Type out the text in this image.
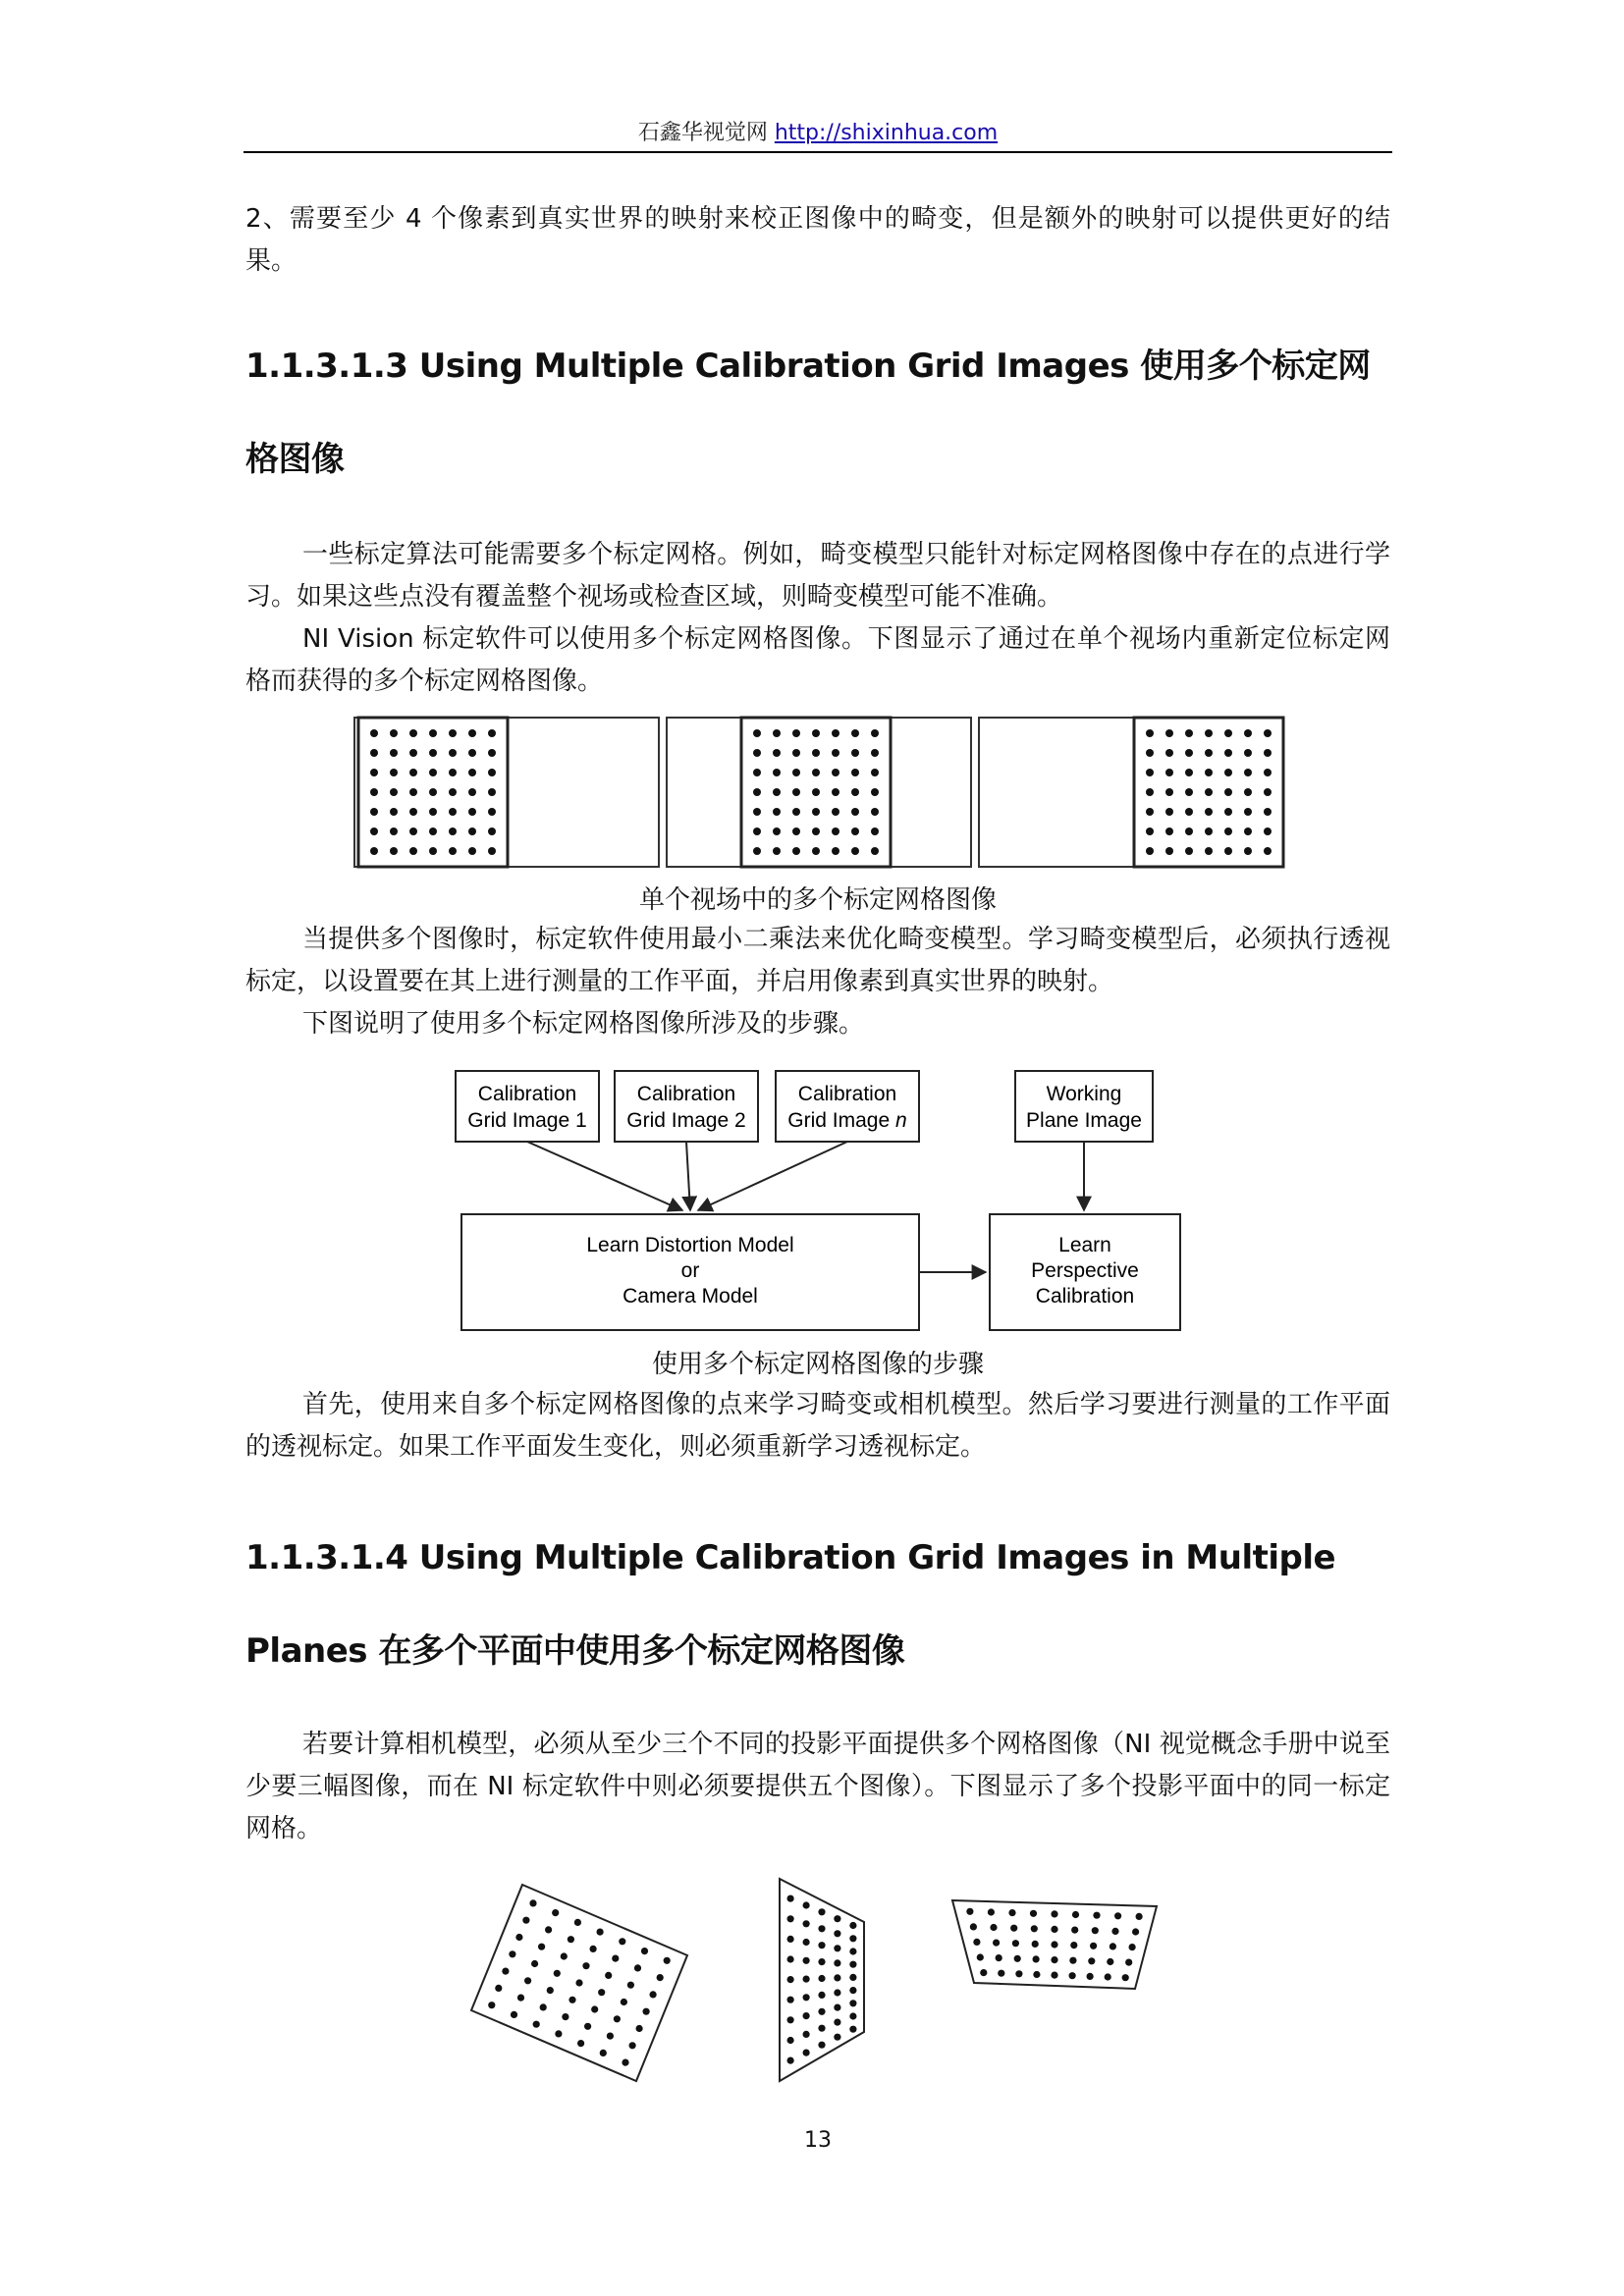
石鑫华视觉网 http://shixinhua.com
2、需要至少 4 个像素到真实世界的映射来校正图像中的畸变，但是额外的映射可以提供更好的结果。
1.1.3.1.3 Using Multiple Calibration Grid Images 使用多个标定网格图像
一些标定算法可能需要多个标定网格。例如，畸变模型只能针对标定网格图像中存在的点进行学习。如果这些点没有覆盖整个视场或检查区域，则畸变模型可能不准确。
NI Vision 标定软件可以使用多个标定网格图像。下图显示了通过在单个视场内重新定位标定网格而获得的多个标定网格图像。
单个视场中的多个标定网格图像
当提供多个图像时，标定软件使用最小二乘法来优化畸变模型。学习畸变模型后，必须执行透视标定，以设置要在其上进行测量的工作平面，并启用像素到真实世界的映射。
下图说明了使用多个标定网格图像所涉及的步骤。
Calibration
Grid Image 1
Calibration
Grid Image 2
Calibration
Grid Image n
Working
Plane Image
Learn Distortion Model
or
Camera Model
Learn
Perspective
Calibration
使用多个标定网格图像的步骤
首先，使用来自多个标定网格图像的点来学习畸变或相机模型。然后学习要进行测量的工作平面的透视标定。如果工作平面发生变化，则必须重新学习透视标定。
1.1.3.1.4 Using Multiple Calibration Grid Images in Multiple Planes 在多个平面中使用多个标定网格图像
若要计算相机模型，必须从至少三个不同的投影平面提供多个网格图像（NI 视觉概念手册中说至少要三幅图像，而在 NI 标定软件中则必须要提供五个图像）。下图显示了多个投影平面中的同一标定网格。
13
